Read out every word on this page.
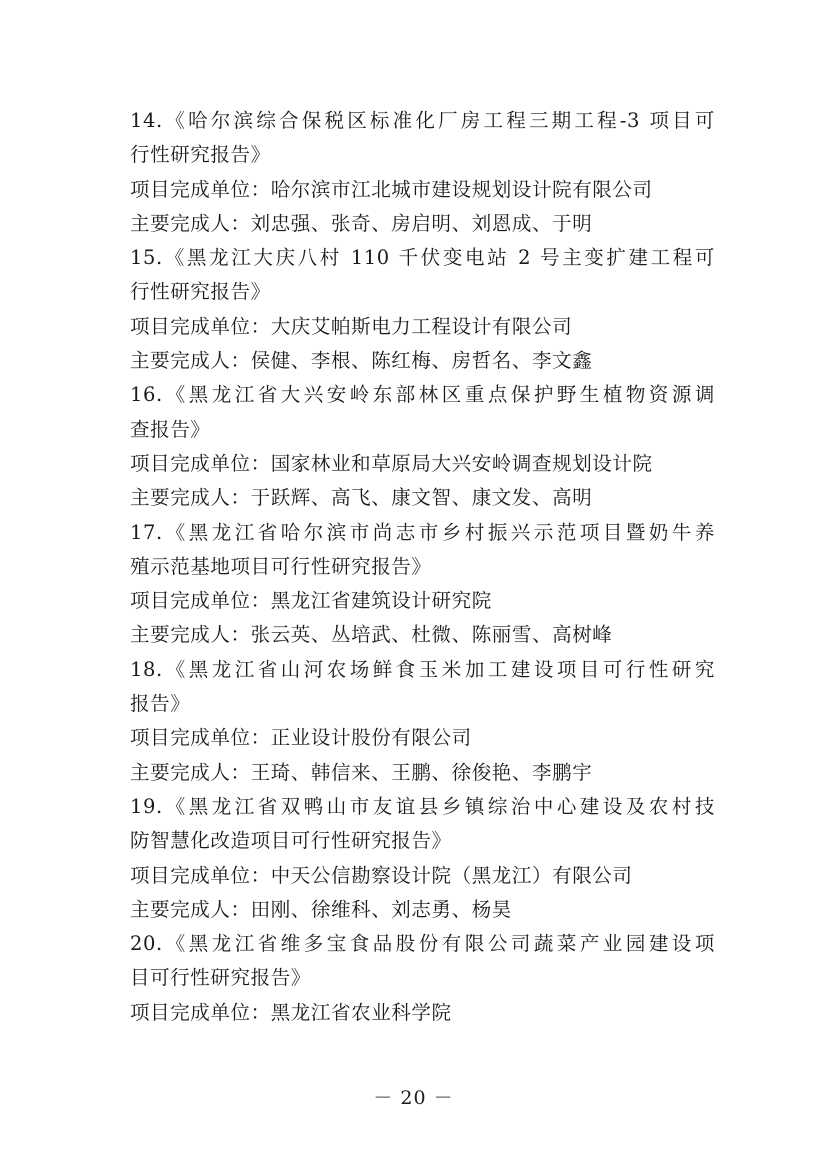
14.《哈尔滨综合保税区标准化厂房工程三期工程-3 项目可
行性研究报告》
项目完成单位：哈尔滨市江北城市建设规划设计院有限公司
主要完成人：刘忠强、张奇、房启明、刘恩成、于明
15.《黑龙江大庆八村 110 千伏变电站 2 号主变扩建工程可
行性研究报告》
项目完成单位：大庆艾帕斯电力工程设计有限公司
主要完成人：侯健、李根、陈红梅、房哲名、李文鑫
16.《黑龙江省大兴安岭东部林区重点保护野生植物资源调
查报告》
项目完成单位：国家林业和草原局大兴安岭调查规划设计院
主要完成人：于跃辉、高飞、康文智、康文发、高明
17.《黑龙江省哈尔滨市尚志市乡村振兴示范项目暨奶牛养
殖示范基地项目可行性研究报告》
项目完成单位：黑龙江省建筑设计研究院
主要完成人：张云英、丛培武、杜微、陈丽雪、高树峰
18.《黑龙江省山河农场鲜食玉米加工建设项目可行性研究
报告》
项目完成单位：正业设计股份有限公司
主要完成人：王琦、韩信来、王鹏、徐俊艳、李鹏宇
19.《黑龙江省双鸭山市友谊县乡镇综治中心建设及农村技
防智慧化改造项目可行性研究报告》
项目完成单位：中天公信勘察设计院（黑龙江）有限公司
主要完成人：田刚、徐维科、刘志勇、杨昊
20.《黑龙江省维多宝食品股份有限公司蔬菜产业园建设项
目可行性研究报告》
项目完成单位：黑龙江省农业科学院
－ 20 －
